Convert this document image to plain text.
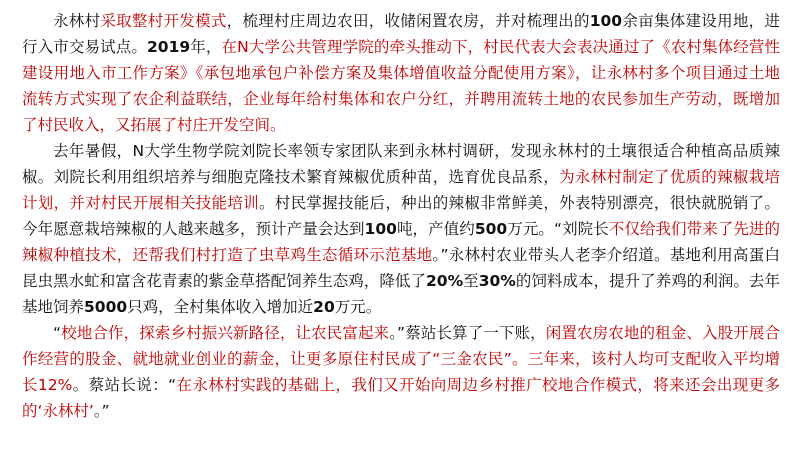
永林村采取整村开发模式，梳理村庄周边农田，收储闲置农房，并对梳理出的100余亩集体建设用地，进行入市交易试点。2019年，在N大学公共管理学院的牵头推动下，村民代表大会表决通过了《农村集体经营性建设用地入市工作方案》《承包地承包户补偿方案及集体增值收益分配使用方案》，让永林村多个项目通过土地流转方式实现了农企利益联结，企业每年给村集体和农户分红，并聘用流转土地的农民参加生产劳动，既增加了村民收入，又拓展了村庄开发空间。

去年暑假，N大学生物学院刘院长率领专家团队来到永林村调研，发现永林村的土壤很适合种植高品质辣椒。刘院长利用组织培养与细胞克隆技术繁育辣椒优质种苗，选育优良品系，为永林村制定了优质的辣椒栽培计划，并对村民开展相关技能培训。村民掌握技能后，种出的辣椒非常鲜美，外表特别漂亮，很快就脱销了。今年愿意栽培辣椒的人越来越多，预计产量会达到100吨，产值约500万元。“刘院长不仅给我们带来了先进的辣椒种植技术，还帮我们村打造了虫草鸡生态循环示范基地。”永林村农业带头人老李介绍道。基地利用高蛋白昆虫黑水虻和富含花青素的紫金草搭配饲养生态鸡，降低了20%至30%的饲料成本，提升了养鸡的利润。去年基地饲养5000只鸡，全村集体收入增加近20万元。

“校地合作，探索乡村振兴新路径，让农民富起来。”蔡站长算了一下账，闲置农房农地的租金、入股开展合作经营的股金、就地就业创业的薪金，让更多原住村民成了“三金农民”。三年来，该村人均可支配收入平均增长12%。蔡站长说：“在永林村实践的基础上，我们又开始向周边乡村推广校地合作模式，将来还会出现更多的‘永林村’。”
